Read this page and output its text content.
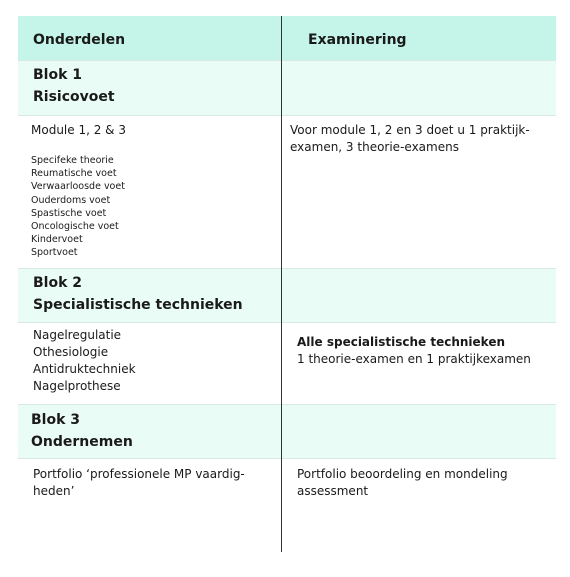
Onderdelen	Examinering
Blok 1
Risicovoet
Module 1, 2 & 3
Specifeke theorie
Reumatische voet
Verwaarloosde voet
Ouderdoms voet
Spastische voet
Oncologische voet
Kindervoet
Sportvoet
Voor module 1, 2 en 3 doet u 1 praktijk-
examen, 3 theorie-examens
Blok 2
Specialistische technieken
Nagelregulatie
Othesiologie
Antidruktechniek
Nagelprothese
Alle specialistische technieken
1 theorie-examen en 1 praktijkexamen
Blok 3
Ondernemen
Portfolio ‘professionele MP vaardig-
heden’
Portfolio beoordeling en mondeling
assessment
